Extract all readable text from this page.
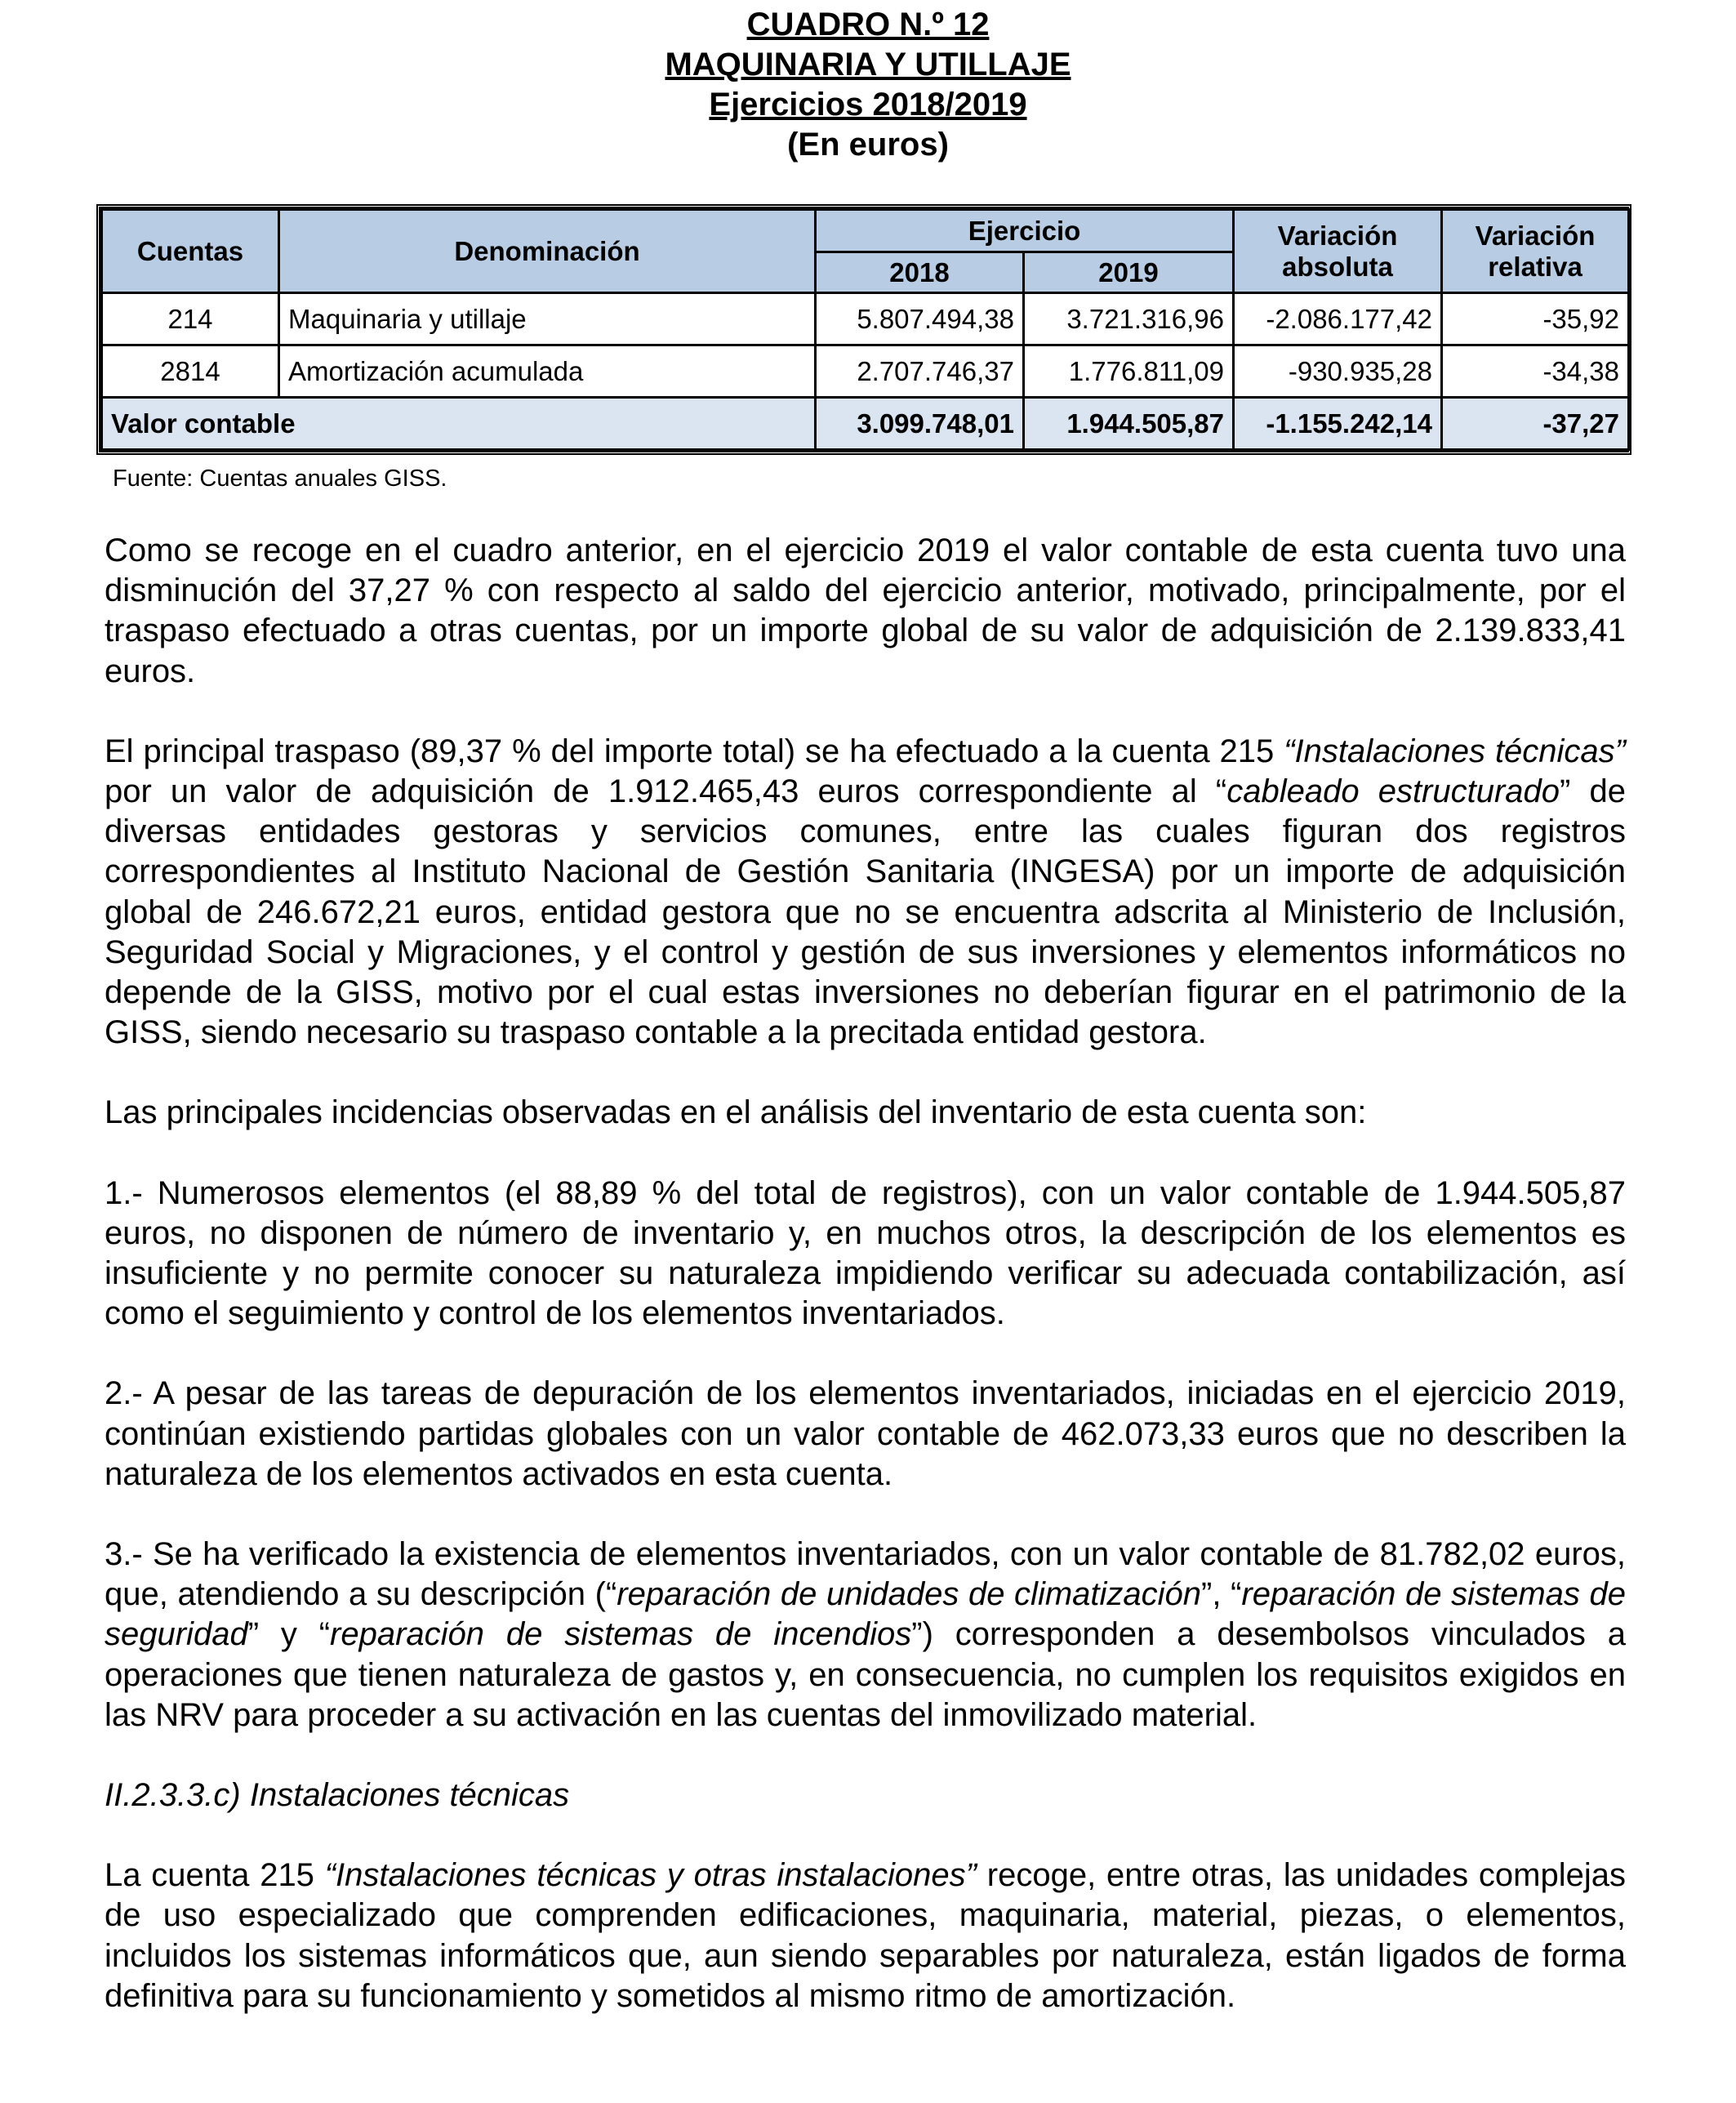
CUADRO N.º 12
MAQUINARIA Y UTILLAJE
Ejercicios 2018/2019
(En euros)
Cuentas	Denominación	Ejercicio		Variación absoluta	Variación relativa
		2018	2019		
214	Maquinaria y utillaje	5.807.494,38	3.721.316,96	-2.086.177,42	-35,92
2814	Amortización acumulada	2.707.746,37	1.776.811,09	-930.935,28	-34,38
Valor contable		3.099.748,01	1.944.505,87	-1.155.242,14	-37,27
Fuente: Cuentas anuales GISS.

Como se recoge en el cuadro anterior, en el ejercicio 2019 el valor contable de esta cuenta tuvo una disminución del 37,27 % con respecto al saldo del ejercicio anterior, motivado, principalmente, por el traspaso efectuado a otras cuentas, por un importe global de su valor de adquisición de 2.139.833,41 euros.

El principal traspaso (89,37 % del importe total) se ha efectuado a la cuenta 215 “Instalaciones técnicas” por un valor de adquisición de 1.912.465,43 euros correspondiente al “cableado estructurado” de diversas entidades gestoras y servicios comunes, entre las cuales figuran dos registros correspondientes al Instituto Nacional de Gestión Sanitaria (INGESA) por un importe de adquisición global de 246.672,21 euros, entidad gestora que no se encuentra adscrita al Ministerio de Inclusión, Seguridad Social y Migraciones, y el control y gestión de sus inversiones y elementos informáticos no depende de la GISS, motivo por el cual estas inversiones no deberían figurar en el patrimonio de la GISS, siendo necesario su traspaso contable a la precitada entidad gestora.

Las principales incidencias observadas en el análisis del inventario de esta cuenta son:

1.- Numerosos elementos (el 88,89 % del total de registros), con un valor contable de 1.944.505,87 euros, no disponen de número de inventario y, en muchos otros, la descripción de los elementos es insuficiente y no permite conocer su naturaleza impidiendo verificar su adecuada contabilización, así como el seguimiento y control de los elementos inventariados.

2.- A pesar de las tareas de depuración de los elementos inventariados, iniciadas en el ejercicio 2019, continúan existiendo partidas globales con un valor contable de 462.073,33 euros que no describen la naturaleza de los elementos activados en esta cuenta.

3.- Se ha verificado la existencia de elementos inventariados, con un valor contable de 81.782,02 euros, que, atendiendo a su descripción (“reparación de unidades de climatización”, “reparación de sistemas de seguridad” y “reparación de sistemas de incendios”) corresponden a desembolsos vinculados a operaciones que tienen naturaleza de gastos y, en consecuencia, no cumplen los requisitos exigidos en las NRV para proceder a su activación en las cuentas del inmovilizado material.

II.2.3.3.c) Instalaciones técnicas

La cuenta 215 “Instalaciones técnicas y otras instalaciones” recoge, entre otras, las unidades complejas de uso especializado que comprenden edificaciones, maquinaria, material, piezas, o elementos, incluidos los sistemas informáticos que, aun siendo separables por naturaleza, están ligados de forma definitiva para su funcionamiento y sometidos al mismo ritmo de amortización.
